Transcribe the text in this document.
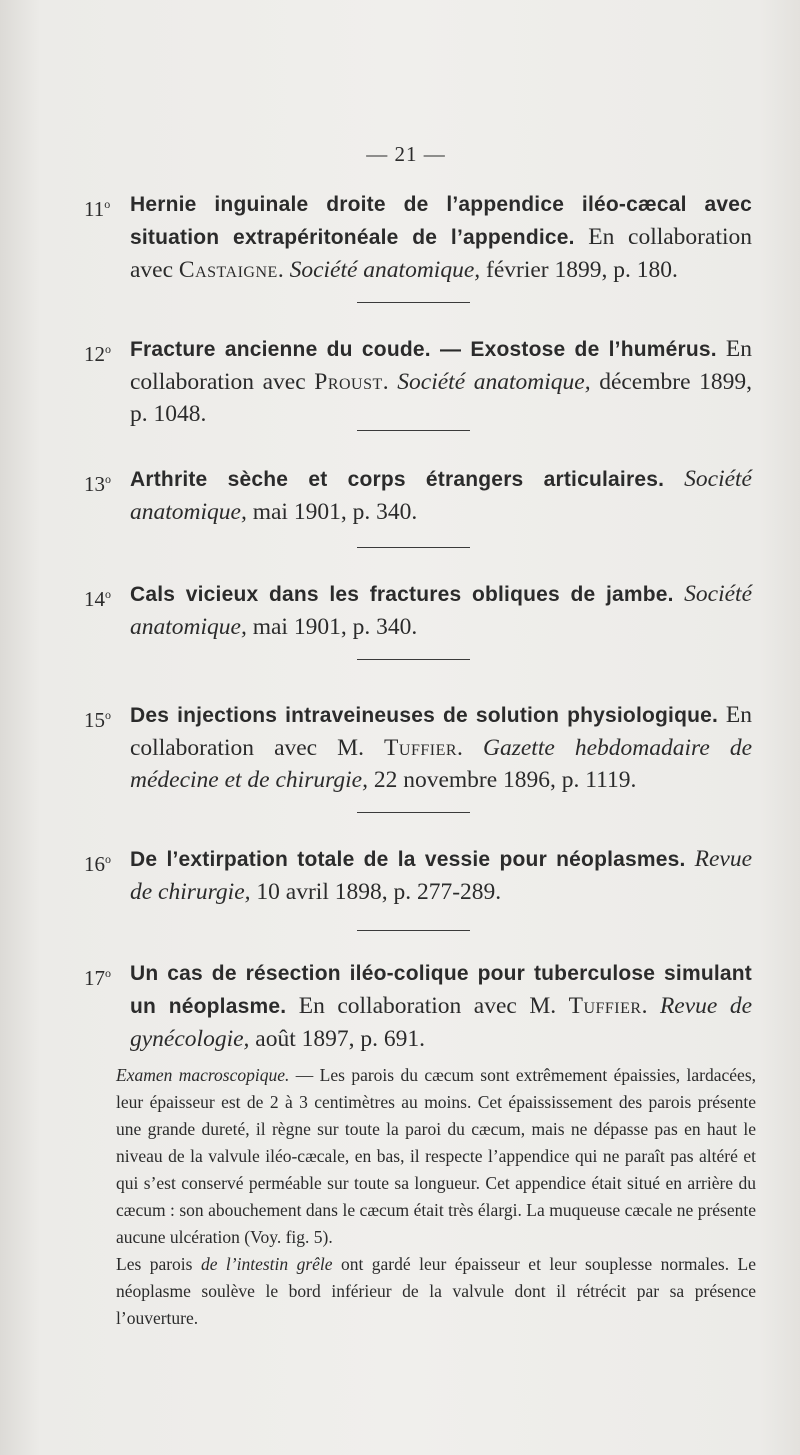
— 21 —
11$^o$ Hernie inguinale droite de l’appendice iléo-cæcal avec situation extrapéritonéale de l’appendice. En collaboration avec Castaigne. Société anatomique, février 1899, p. 180.
12$^o$ Fracture ancienne du coude. — Exostose de l’humérus. En collaboration avec Proust. Société anatomique, décembre 1899, p. 1048.
13$^o$ Arthrite sèche et corps étrangers articulaires. Société anatomique, mai 1901, p. 340.
14$^o$ Cals vicieux dans les fractures obliques de jambe. Société anatomique, mai 1901, p. 340.
15$^o$ Des injections intraveineuses de solution physiologique. En collaboration avec M. Tuffier. Gazette hebdomadaire de médecine et de chirurgie, 22 novembre 1896, p. 1119.
16$^o$ De l’extirpation totale de la vessie pour néoplasmes. Revue de chirurgie, 10 avril 1898, p. 277-289.
17$^o$ Un cas de résection iléo-colique pour tuberculose simulant un néoplasme. En collaboration avec M. Tuffier. Revue de gynécologie, août 1897, p. 691.

Examen macroscopique. — Les parois du cæcum sont extrêmement épaissies, lardacées, leur épaisseur est de 2 à 3 centimètres au moins. Cet épaississement des parois présente une grande dureté, il règne sur toute la paroi du cæcum, mais ne dépasse pas en haut le niveau de la valvule iléo-cæcale, en bas, il respecte l’appendice qui ne paraît pas altéré et qui s’est conservé perméable sur toute sa longueur. Cet appendice était situé en arrière du cæcum : son abouchement dans le cæcum était très élargi. La muqueuse cæcale ne présente aucune ulcération (Voy. fig. 5).

Les parois de l’intestin grêle ont gardé leur épaisseur et leur souplesse normales. Le néoplasme soulève le bord inférieur de la valvule dont il rétrécit par sa présence l’ouverture.
